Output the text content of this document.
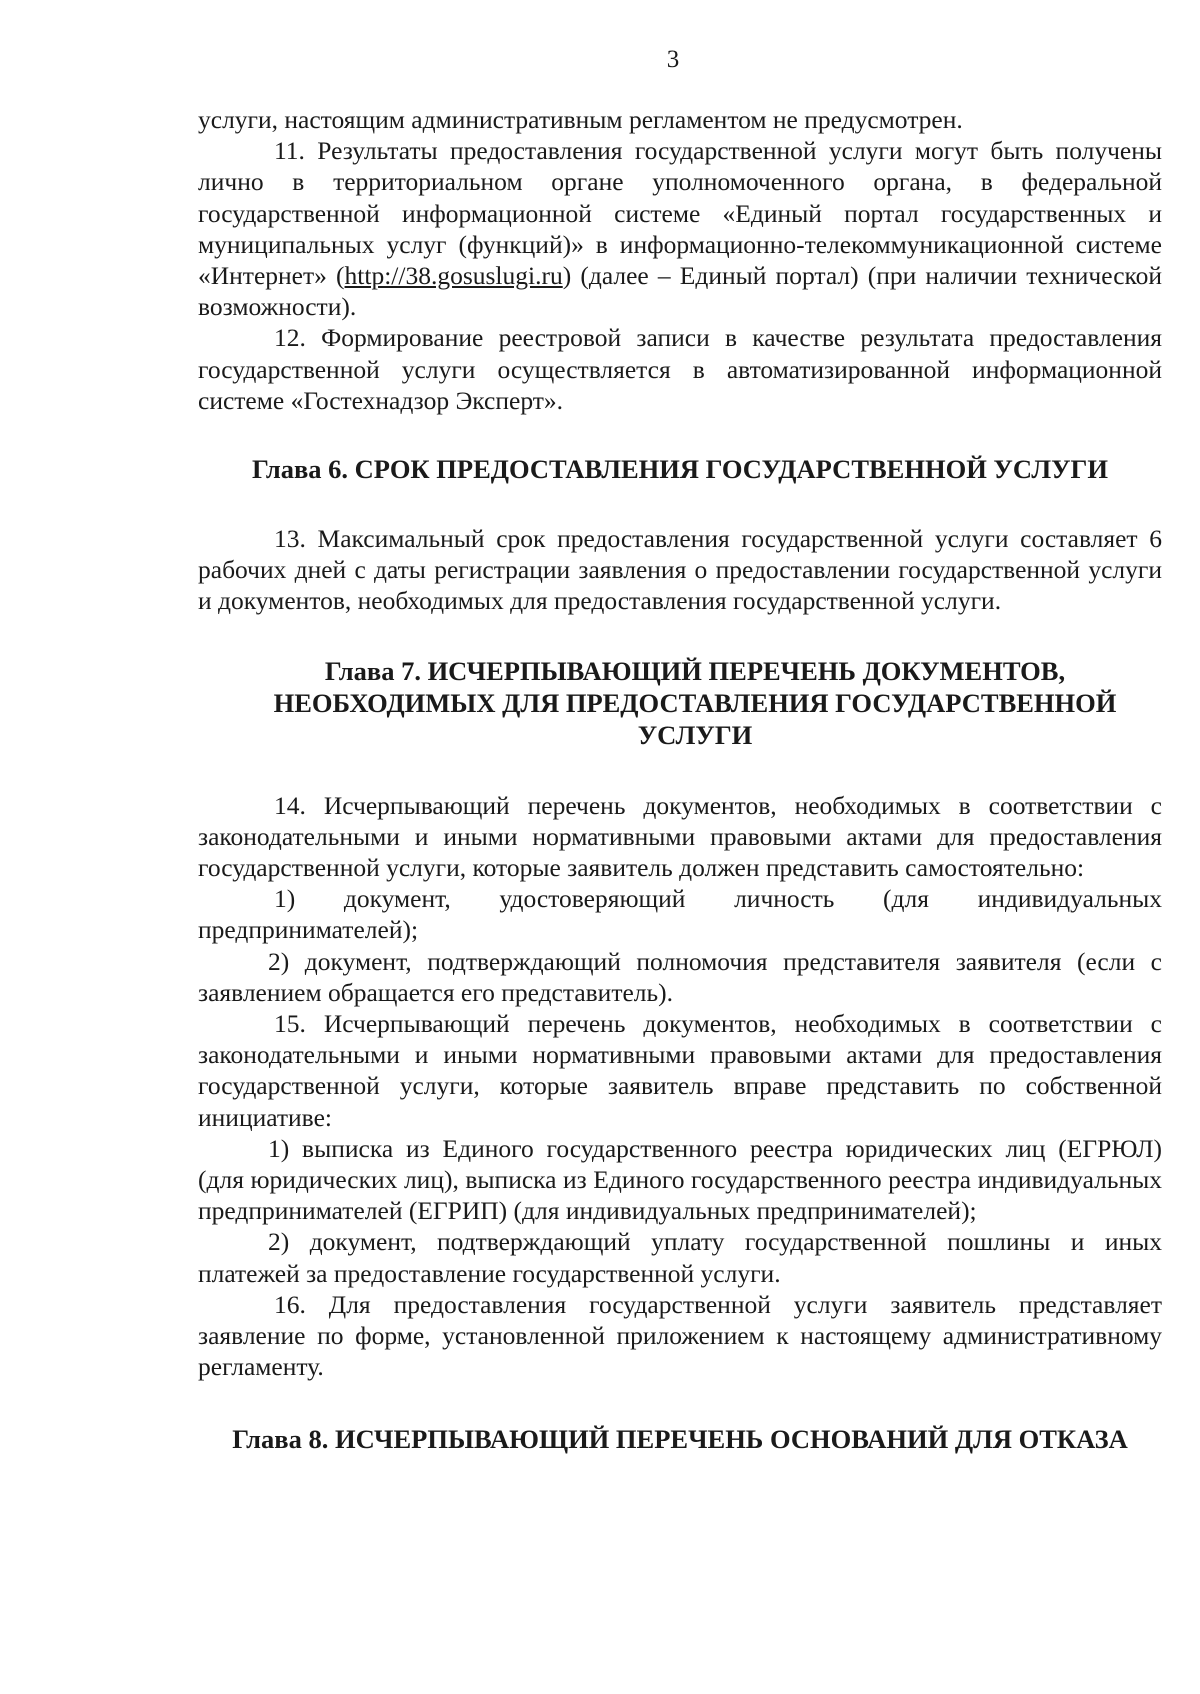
3

услуги, настоящим административным регламентом не предусмотрен.

11. Результаты предоставления государственной услуги могут быть получены лично в территориальном органе уполномоченного органа, в федеральной государственной информационной системе «Единый портал государственных и муниципальных услуг (функций)» в информационно-телекоммуникационной системе «Интернет» (http://38.gosuslugi.ru) (далее – Единый портал) (при наличии технической возможности).

12. Формирование реестровой записи в качестве результата предоставления государственной услуги осуществляется в автоматизированной информационной системе «Гостехнадзор Эксперт».

Глава 6. СРОК ПРЕДОСТАВЛЕНИЯ ГОСУДАРСТВЕННОЙ УСЛУГИ

13. Максимальный срок предоставления государственной услуги составляет 6 рабочих дней с даты регистрации заявления о предоставлении государственной услуги и документов, необходимых для предоставления государственной услуги.

Глава 7. ИСЧЕРПЫВАЮЩИЙ ПЕРЕЧЕНЬ ДОКУМЕНТОВ,
НЕОБХОДИМЫХ ДЛЯ ПРЕДОСТАВЛЕНИЯ ГОСУДАРСТВЕННОЙ
УСЛУГИ

14. Исчерпывающий перечень документов, необходимых в соответствии с законодательными и иными нормативными правовыми актами для предоставления государственной услуги, которые заявитель должен представить самостоятельно:

1) документ, удостоверяющий личность (для индивидуальных предпринимателей);

2) документ, подтверждающий полномочия представителя заявителя (если с заявлением обращается его представитель).

15. Исчерпывающий перечень документов, необходимых в соответствии с законодательными и иными нормативными правовыми актами для предоставления государственной услуги, которые заявитель вправе представить по собственной инициативе:

1) выписка из Единого государственного реестра юридических лиц (ЕГРЮЛ) (для юридических лиц), выписка из Единого государственного реестра индивидуальных предпринимателей (ЕГРИП) (для индивидуальных предпринимателей);

2) документ, подтверждающий уплату государственной пошлины и иных платежей за предоставление государственной услуги.

16. Для предоставления государственной услуги заявитель представляет заявление по форме, установленной приложением к настоящему административному регламенту.

Глава 8. ИСЧЕРПЫВАЮЩИЙ ПЕРЕЧЕНЬ ОСНОВАНИЙ ДЛЯ ОТКАЗА
